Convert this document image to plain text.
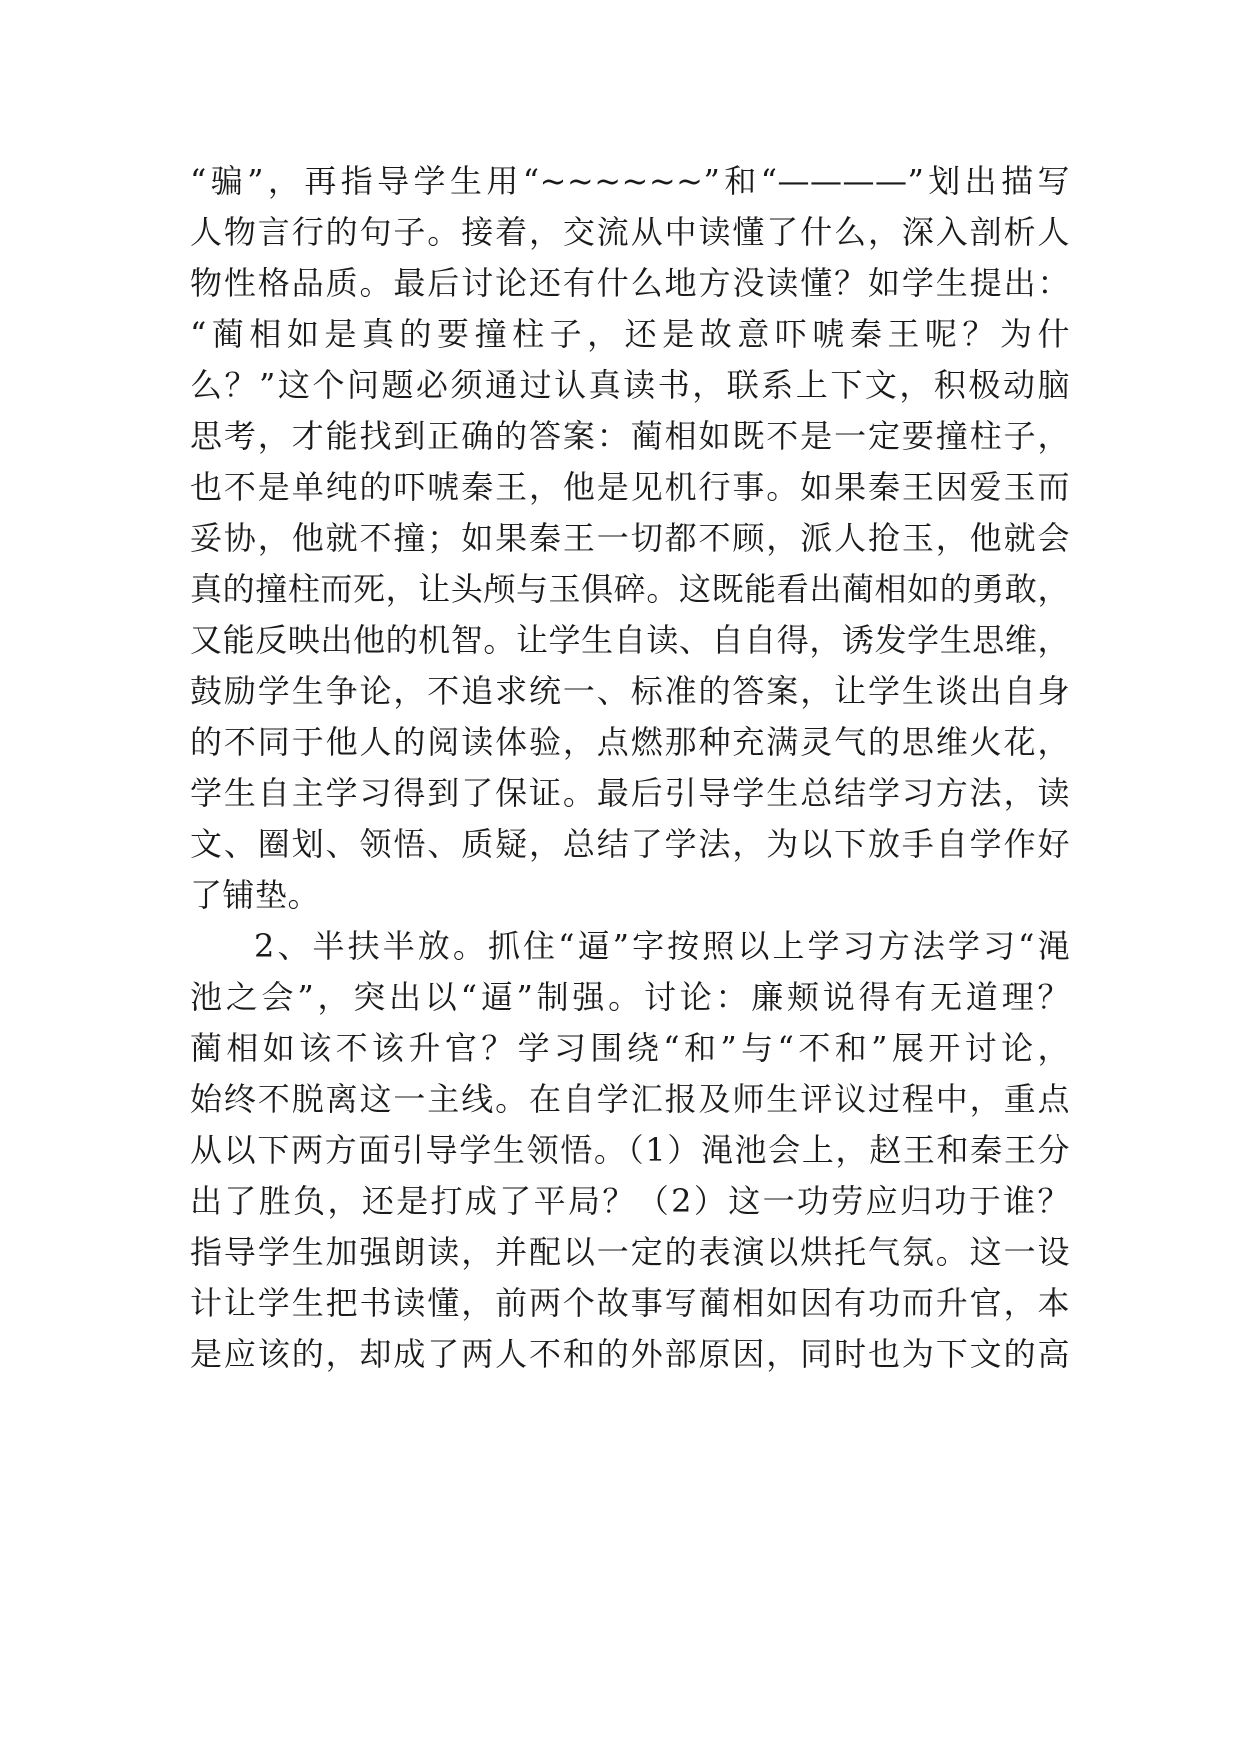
“骗”，再指导学生用“~~~~~~”和“————”划出描写
人物言行的句子。接着，交流从中读懂了什么，深入剖析人
物性格品质。最后讨论还有什么地方没读懂？如学生提出：
“蔺相如是真的要撞柱子，还是故意吓唬秦王呢？为什
么？”这个问题必须通过认真读书，联系上下文，积极动脑
思考，才能找到正确的答案：蔺相如既不是一定要撞柱子，
也不是单纯的吓唬秦王，他是见机行事。如果秦王因爱玉而
妥协，他就不撞；如果秦王一切都不顾，派人抢玉，他就会
真的撞柱而死，让头颅与玉俱碎。这既能看出蔺相如的勇敢，
又能反映出他的机智。让学生自读、自自得，诱发学生思维，
鼓励学生争论，不追求统一、标准的答案，让学生谈出自身
的不同于他人的阅读体验，点燃那种充满灵气的思维火花，
学生自主学习得到了保证。最后引导学生总结学习方法，读
文、圈划、领悟、质疑，总结了学法，为以下放手自学作好
了铺垫。
2、半扶半放。抓住“逼”字按照以上学习方法学习“渑
池之会”，突出以“逼”制强。讨论：廉颊说得有无道理？
蔺相如该不该升官？学习围绕“和”与“不和”展开讨论，
始终不脱离这一主线。在自学汇报及师生评议过程中，重点
从以下两方面引导学生领悟。（1）渑池会上，赵王和秦王分
出了胜负，还是打成了平局？（2）这一功劳应归功于谁？
指导学生加强朗读，并配以一定的表演以烘托气氛。这一设
计让学生把书读懂，前两个故事写蔺相如因有功而升官，本
是应该的，却成了两人不和的外部原因，同时也为下文的高
